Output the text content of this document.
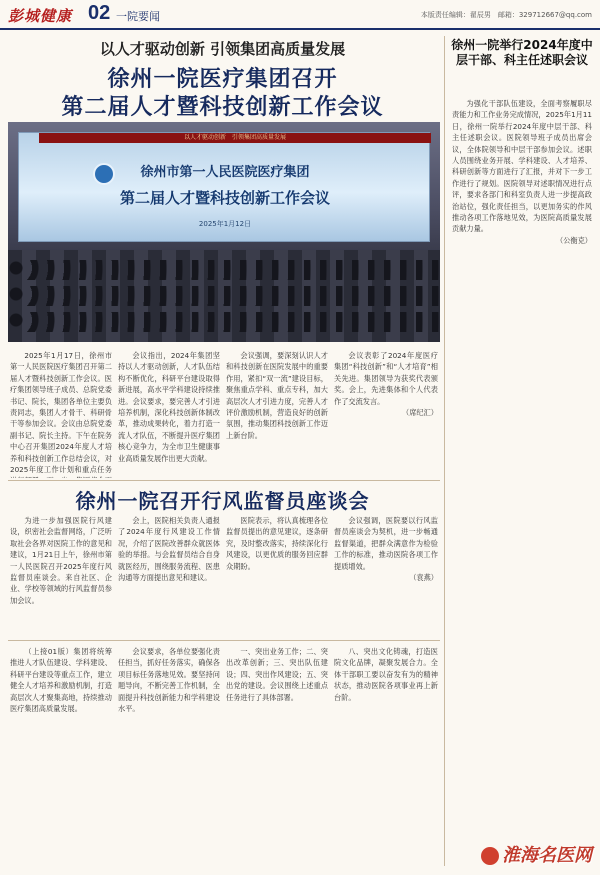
彭城健康 02 一院要闻	本版责任编辑：翟辰男　邮箱：329712667@qq.com
以人才驱动创新 引领集团高质量发展
徐州一院医疗集团召开
第二届人才暨科技创新工作会议
以人才驱动创新　引领集团高质量发展
徐州市第一人民医院医疗集团
第二届人才暨科技创新工作会议
2025年1月12日

2025年1月17日，徐州市第一人民医院医疗集团召开第二届人才暨科技创新工作会议。医疗集团领导班子成员、总院党委书记、院长，集团各单位主要负责同志，集团人才骨干、科研骨干等参加会议。会议由总院党委副书记、院长主持。下午在院务中心召开集团2024年度人才培养和科技创新工作总结会议，对2025年度工作计划和重点任务

会议指出，2024年集团坚持以人才驱动创新，人才队伍结构不断优化，科研平台建设取得新进展，高水平学科建设持续推进。会议要求，要完善人才引进培养机制，深化科技创新体制改革，推动成果转化，着力打造一流人才队伍，不断提升医疗集团核心竞争力，为全市卫生健康事业高质量发展作出更大贡献。

会议强调，要深刻认识人才和科技创新在医院发展中的重要作用，紧扣“双一流”建设目标，聚焦重点学科、重点专科，加大高层次人才引进力度，完善人才评价激励机制，营造良好的创新氛围，推动集团科技创新工作迈上新台阶。

会议表彰了2024年度医疗集团“科技创新”和“人才培育”相关先进。集团领导为获奖代表颁奖。会上，先进集体和个人代表作了交流发言。

（席纪汇）
徐州一院召开行风监督员座谈会

为进一步加强医院行风建设，织密社会监督网络，广泛听取社会各界对医院工作的意见和建议，1月21日上午，徐州市第一人民医院召开2025年度行风监督员座谈会。来自社区、企业、学校等领域的行风监督员参加会议。

会上，医院相关负责人通报了2024年度行风建设工作情况，介绍了医院改善群众就医体验的举措。与会监督员结合自身就医经历，围绕服务流程、医患沟通等方面提出意见和建议。

医院表示，将认真梳理各位监督员提出的意见建议，逐条研究，及时整改落实，持续深化行风建设，以更优质的服务回应群众期盼。

会议强调，医院要以行风监督员座谈会为契机，进一步畅通监督渠道，把群众满意作为检验工作的标准，推动医院各项工作提质增效。

（袁燕）

（上接01版）集团将统筹推进人才队伍建设、学科建设、科研平台建设等重点工作，建立健全人才培养和激励机制，打造高层次人才聚集高地，持续推动医疗集团高质量发展。

会议要求，各单位要强化责任担当，抓好任务落实，确保各项目标任务落地见效。要坚持问题导向，不断完善工作机制，全面提升科技创新能力和学科建设水平。

一、突出业务工作；二、突出改革创新；三、突出队伍建设；四、突出作风建设；五、突出党的建设。会议围绕上述重点任务进行了具体部署。

八、突出文化铸魂，打造医院文化品牌，凝聚发展合力。全体干部职工要以奋发有为的精神状态，推动医院各项事业再上新台阶。

徐州一院举行2024年度中层干部、科主任述职会议

为强化干部队伍建设，全面考察履职尽责能力和工作业务完成情况，2025年1月11日，徐州一院举行2024年度中层干部、科主任述职会议。医院领导班子成员出席会议，全体院领导和中层干部参加会议。述职人员围绕业务开展、学科建设、人才培养、科研创新等方面进行了汇报，并对下一步工作进行了规划。医院领导对述职情况进行点评，要求各部门和科室负责人进一步提高政治站位，强化责任担当，以更加务实的作风推动各项工作落地见效，为医院高质量发展贡献力量。

（公衡克）
淮海名医网
